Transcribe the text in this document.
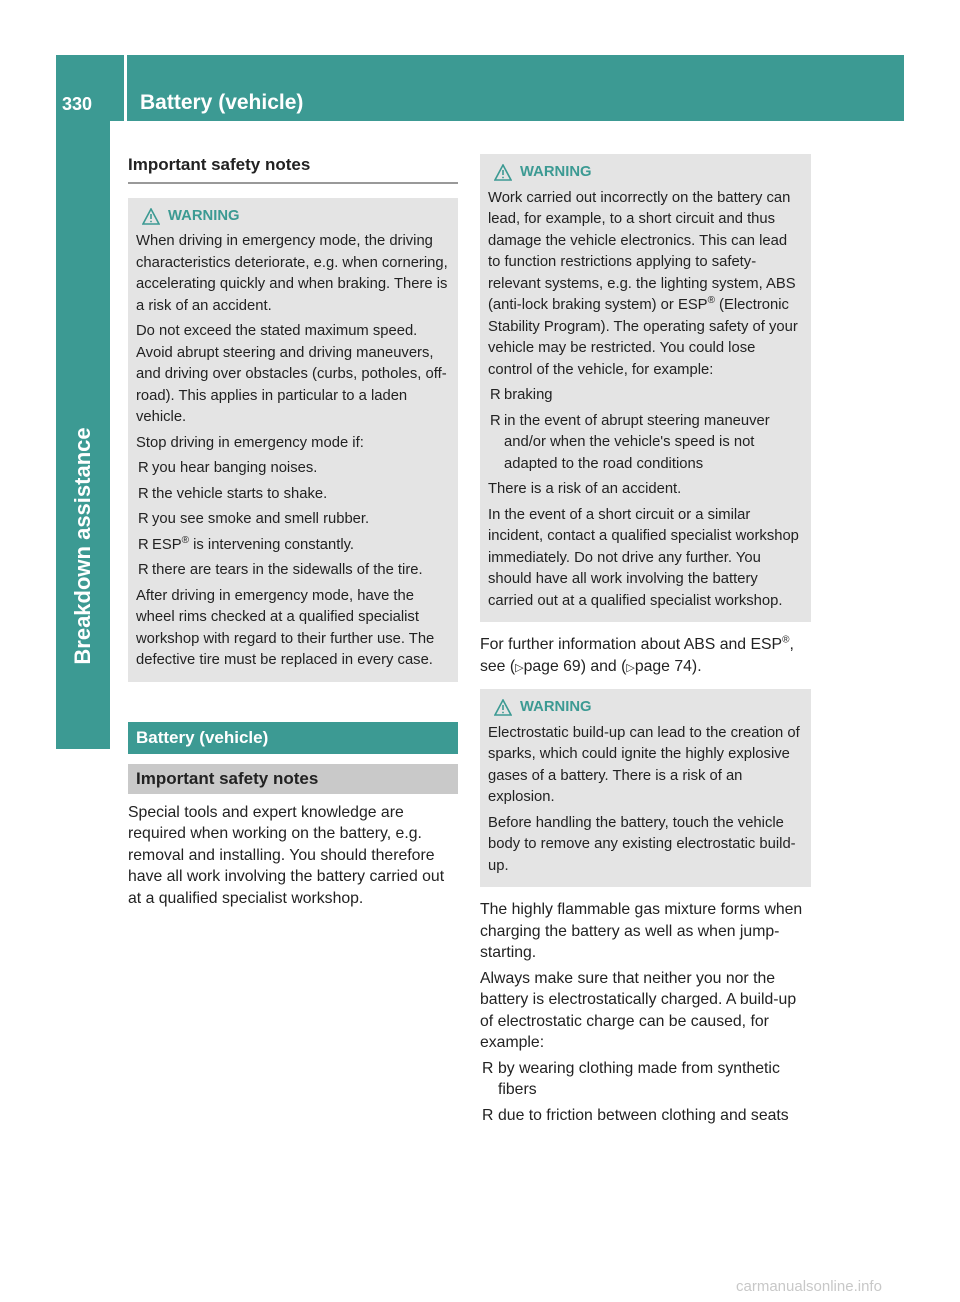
330 Battery (vehicle)
Breakdown assistance
Important safety notes
WARNING

When driving in emergency mode, the driving characteristics deteriorate, e.g. when cornering, accelerating quickly and when braking. There is a risk of an accident.

Do not exceed the stated maximum speed. Avoid abrupt steering and driving maneuvers, and driving over obstacles (curbs, potholes, off-road). This applies in particular to a laden vehicle.

Stop driving in emergency mode if:

R you hear banging noises.
R the vehicle starts to shake.
R you see smoke and smell rubber.
R ESP® is intervening constantly.
R there are tears in the sidewalls of the tire.

After driving in emergency mode, have the wheel rims checked at a qualified specialist workshop with regard to their further use. The defective tire must be replaced in every case.

Battery (vehicle)
Important safety notes

Special tools and expert knowledge are required when working on the battery, e.g. removal and installing. You should therefore have all work involving the battery carried out at a qualified specialist workshop.

WARNING

Work carried out incorrectly on the battery can lead, for example, to a short circuit and thus damage the vehicle electronics. This can lead to function restrictions applying to safety-relevant systems, e.g. the lighting system, ABS (anti-lock braking system) or ESP® (Electronic Stability Program). The operating safety of your vehicle may be restricted. You could lose control of the vehicle, for example:

R braking
R in the event of abrupt steering maneuver and/or when the vehicle's speed is not adapted to the road conditions

There is a risk of an accident.

In the event of a short circuit or a similar incident, contact a qualified specialist workshop immediately. Do not drive any further. You should have all work involving the battery carried out at a qualified specialist workshop.

For further information about ABS and ESP®, see (▷page 69) and (▷page 74).

WARNING

Electrostatic build-up can lead to the creation of sparks, which could ignite the highly explosive gases of a battery. There is a risk of an explosion.

Before handling the battery, touch the vehicle body to remove any existing electrostatic build-up.

The highly flammable gas mixture forms when charging the battery as well as when jump-starting.

Always make sure that neither you nor the battery is electrostatically charged. A build-up of electrostatic charge can be caused, for example:

R by wearing clothing made from synthetic fibers
R due to friction between clothing and seats
carmanualsonline.info
